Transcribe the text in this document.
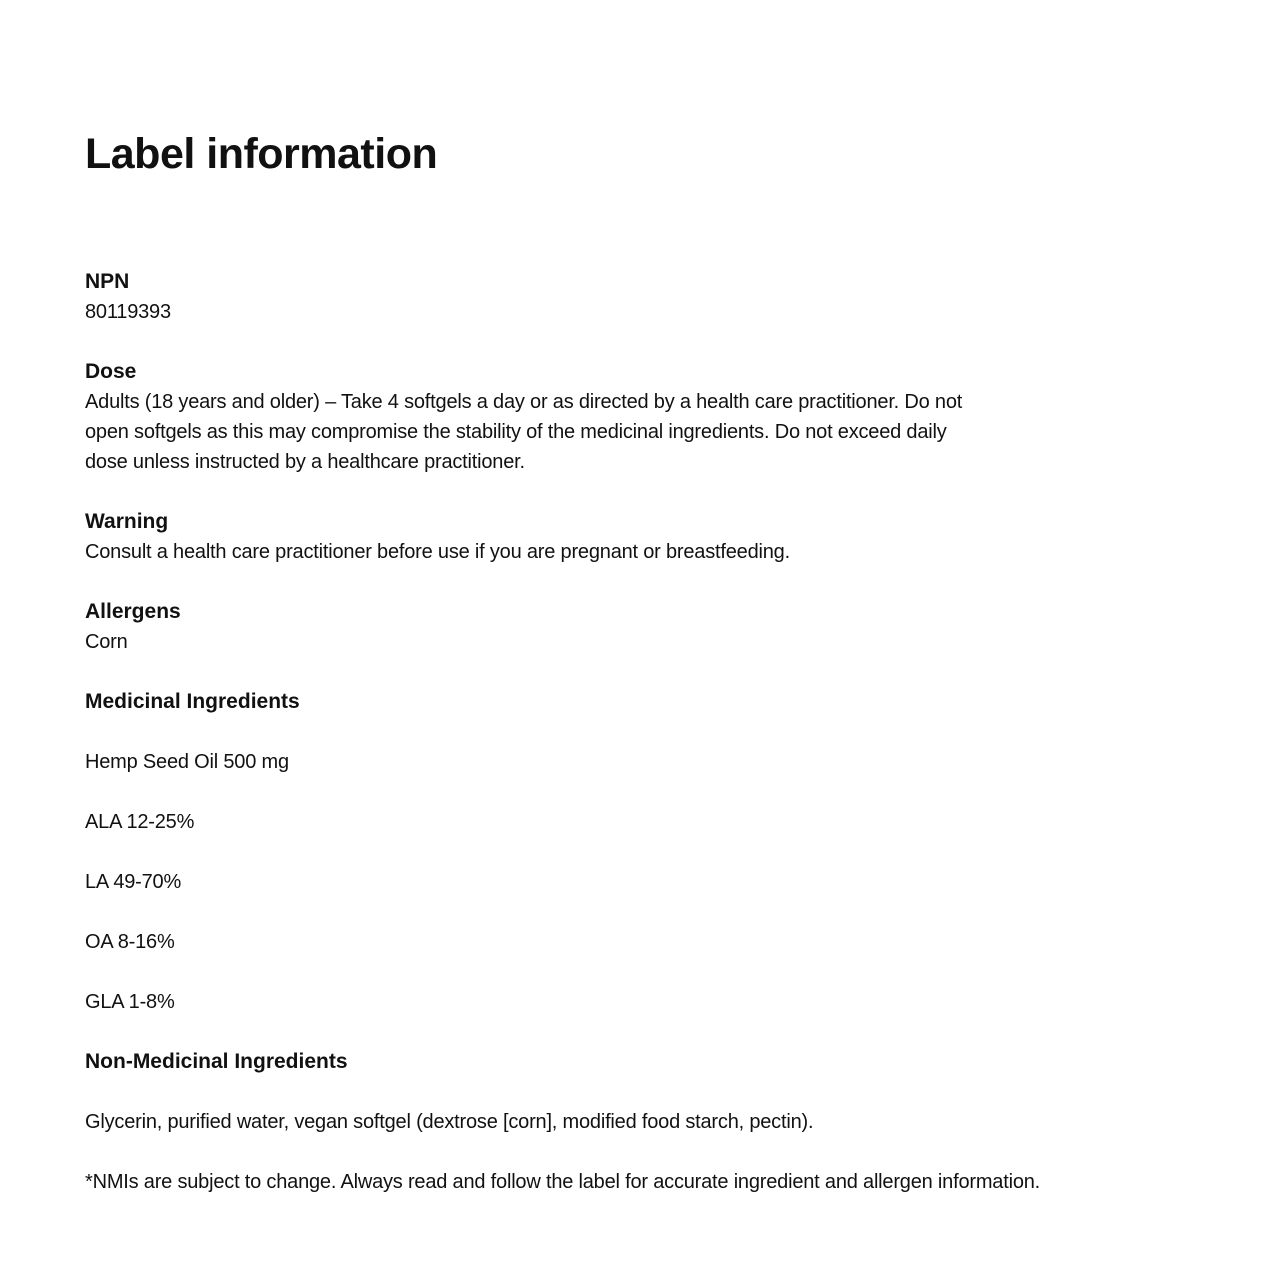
Label information

NPN

80119393

Dose

Adults (18 years and older) – Take 4 softgels a day or as directed by a health care practitioner. Do not

open softgels as this may compromise the stability of the medicinal ingredients. Do not exceed daily

dose unless instructed by a healthcare practitioner.

Warning

Consult a health care practitioner before use if you are pregnant or breastfeeding.

Allergens

Corn

Medicinal Ingredients

Hemp Seed Oil 500 mg

ALA 12-25%

LA 49-70%

OA 8-16%

GLA 1-8%

Non-Medicinal Ingredients

Glycerin, purified water, vegan softgel (dextrose [corn], modified food starch, pectin).

*NMIs are subject to change. Always read and follow the label for accurate ingredient and allergen information.
